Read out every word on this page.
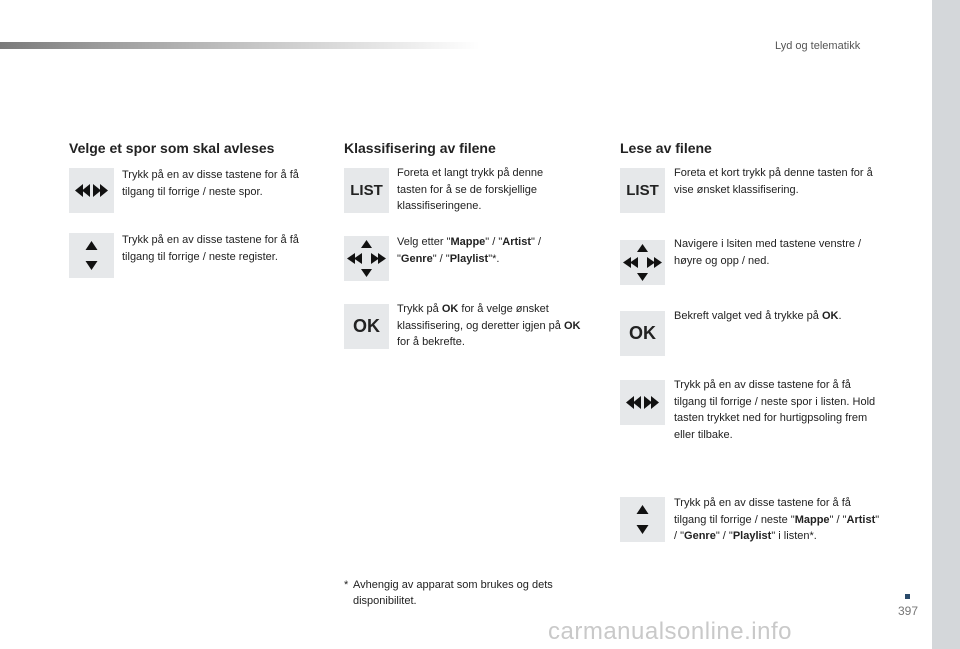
Lyd og telematikk
Velge et spor som skal avleses
Trykk på en av disse tastene for å få tilgang til forrige / neste spor.
Trykk på en av disse tastene for å få tilgang til forrige / neste register.
Klassifisering av filene
LIST
Foreta et langt trykk på denne tasten for å se de forskjellige klassifiseringene.
Velg etter "Mappe" / "Artist" / "Genre" / "Playlist"*.
OK
Trykk på OK for å velge ønsket klassifisering, og deretter igjen på OK for å bekrefte.
Lese av filene
LIST
Foreta et kort trykk på denne tasten for å vise ønsket klassifisering.
Navigere i lsiten med tastene venstre / høyre og opp / ned.
OK
Bekreft valget ved å trykke på OK.
Trykk på en av disse tastene for å få tilgang til forrige / neste spor i listen. Hold tasten trykket ned for hurtigpsoling frem eller tilbake.
Trykk på en av disse tastene for å få tilgang til forrige / neste "Mappe" / "Artist" / "Genre" / "Playlist" i listen*.
* Avhengig av apparat som brukes og dets disponibilitet.
397
carmanualsonline.info
